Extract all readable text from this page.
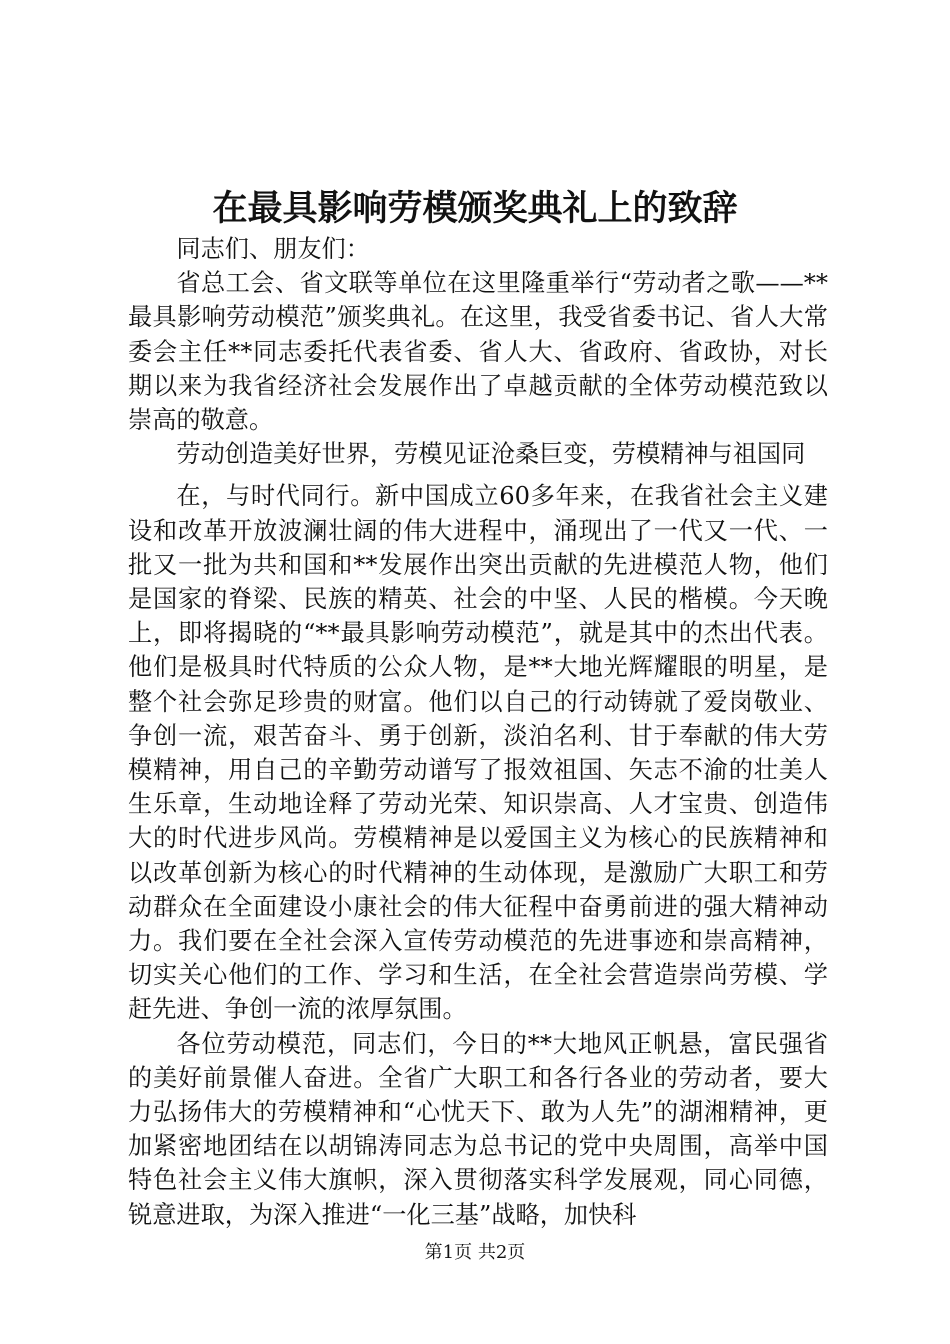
在最具影响劳模颁奖典礼上的致辞

同志们、朋友们：

省总工会、省文联等单位在这里隆重举行“劳动者之歌——**最具影响劳动模范”颁奖典礼。在这里，我受省委书记、省人大常委会主任**同志委托代表省委、省人大、省政府、省政协，对长期以来为我省经济社会发展作出了卓越贡献的全体劳动模范致以崇高的敬意。

劳动创造美好世界，劳模见证沧桑巨变，劳模精神与祖国同

在，与时代同行。新中国成立60多年来，在我省社会主义建设和改革开放波澜壮阔的伟大进程中，涌现出了一代又一代、一批又一批为共和国和**发展作出突出贡献的先进模范人物，他们是国家的脊梁、民族的精英、社会的中坚、人民的楷模。今天晚上，即将揭晓的“**最具影响劳动模范”，就是其中的杰出代表。他们是极具时代特质的公众人物，是**大地光辉耀眼的明星，是整个社会弥足珍贵的财富。他们以自己的行动铸就了爱岗敬业、争创一流，艰苦奋斗、勇于创新，淡泊名利、甘于奉献的伟大劳模精神，用自己的辛勤劳动谱写了报效祖国、矢志不渝的壮美人生乐章，生动地诠释了劳动光荣、知识崇高、人才宝贵、创造伟大的时代进步风尚。劳模精神是以爱国主义为核心的民族精神和以改革创新为核心的时代精神的生动体现，是激励广大职工和劳动群众在全面建设小康社会的伟大征程中奋勇前进的强大精神动力。我们要在全社会深入宣传劳动模范的先进事迹和崇高精神，切实关心他们的工作、学习和生活，在全社会营造崇尚劳模、学赶先进、争创一流的浓厚氛围。

各位劳动模范，同志们，今日的**大地风正帆悬，富民强省的美好前景催人奋进。全省广大职工和各行各业的劳动者，要大力弘扬伟大的劳模精神和“心忧天下、敢为人先”的湖湘精神，更加紧密地团结在以胡锦涛同志为总书记的党中央周围，高举中国特色社会主义伟大旗帜，深入贯彻落实科学发展观，同心同德，锐意进取，为深入推进“一化三基”战略，加快科

第1页 共2页
